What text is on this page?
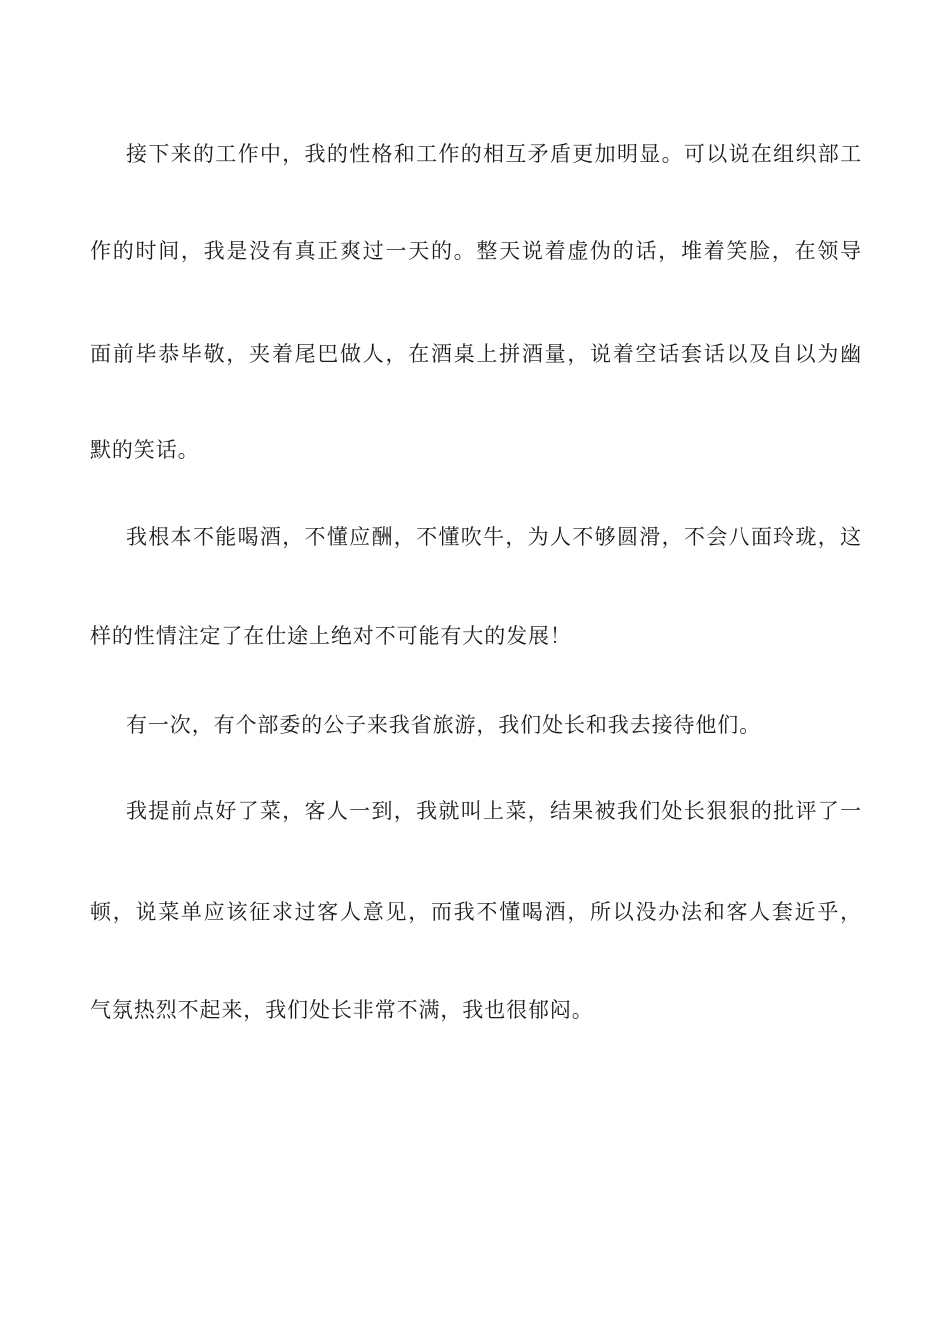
接下来的工作中，我的性格和工作的相互矛盾更加明显。可以说在组织部工
作的时间，我是没有真正爽过一天的。整天说着虚伪的话，堆着笑脸，在领导
面前毕恭毕敬，夹着尾巴做人，在酒桌上拼酒量，说着空话套话以及自以为幽
默的笑话。
我根本不能喝酒，不懂应酬，不懂吹牛，为人不够圆滑，不会八面玲珑，这
样的性情注定了在仕途上绝对不可能有大的发展！
有一次，有个部委的公子来我省旅游，我们处长和我去接待他们。
我提前点好了菜，客人一到，我就叫上菜，结果被我们处长狠狠的批评了一
顿，说菜单应该征求过客人意见，而我不懂喝酒，所以没办法和客人套近乎，
气氛热烈不起来，我们处长非常不满，我也很郁闷。
